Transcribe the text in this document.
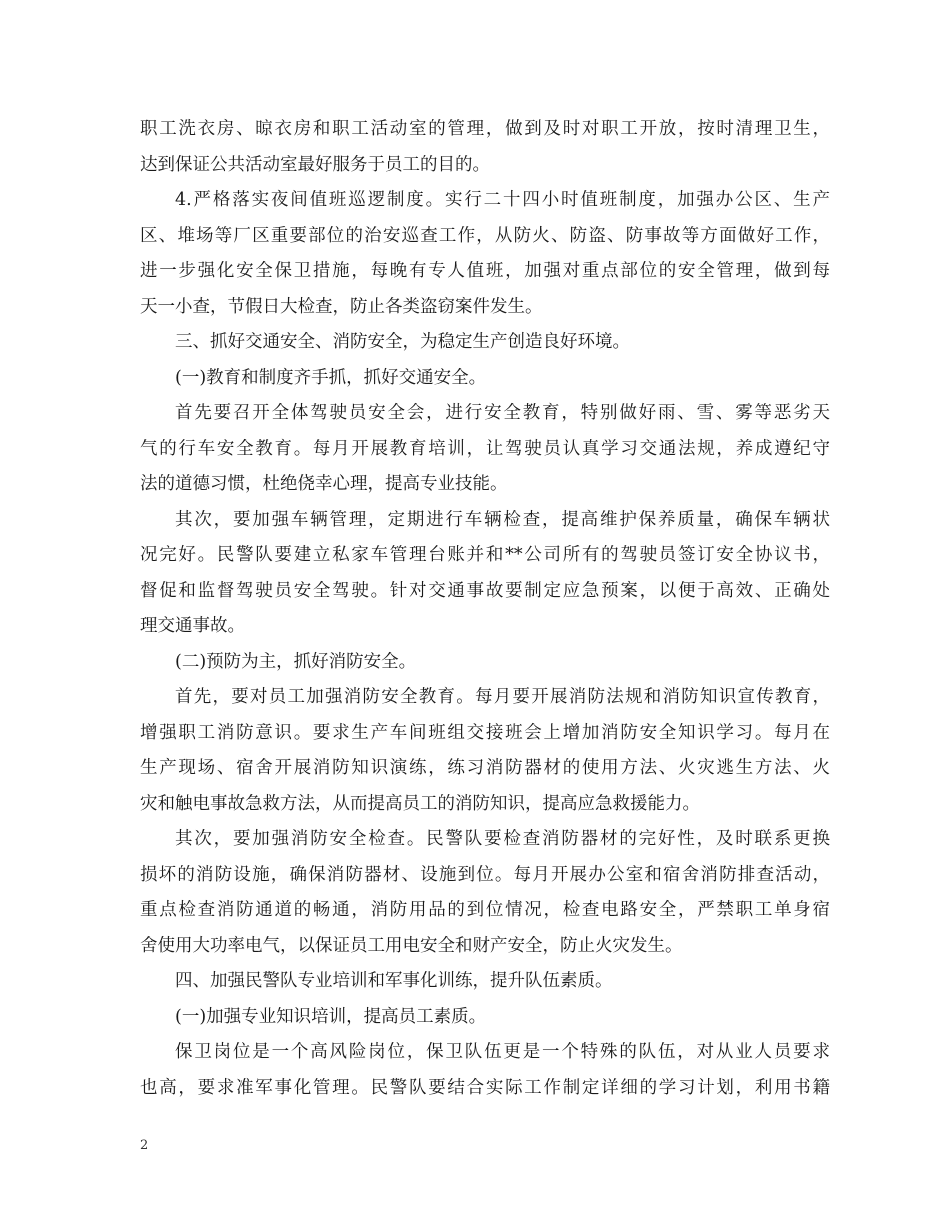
职工洗衣房、晾衣房和职工活动室的管理，做到及时对职工开放，按时清理卫生，
达到保证公共活动室最好服务于员工的目的。
4.严格落实夜间值班巡逻制度。实行二十四小时值班制度，加强办公区、生产
区、堆场等厂区重要部位的治安巡查工作，从防火、防盗、防事故等方面做好工作，
进一步强化安全保卫措施，每晚有专人值班，加强对重点部位的安全管理，做到每
天一小查，节假日大检查，防止各类盗窃案件发生。
三、抓好交通安全、消防安全，为稳定生产创造良好环境。
(一)教育和制度齐手抓，抓好交通安全。
首先要召开全体驾驶员安全会，进行安全教育，特别做好雨、雪、雾等恶劣天
气的行车安全教育。每月开展教育培训，让驾驶员认真学习交通法规，养成遵纪守
法的道德习惯，杜绝侥幸心理，提高专业技能。
其次，要加强车辆管理，定期进行车辆检查，提高维护保养质量，确保车辆状
况完好。民警队要建立私家车管理台账并和**公司所有的驾驶员签订安全协议书，
督促和监督驾驶员安全驾驶。针对交通事故要制定应急预案，以便于高效、正确处
理交通事故。
(二)预防为主，抓好消防安全。
首先，要对员工加强消防安全教育。每月要开展消防法规和消防知识宣传教育，
增强职工消防意识。要求生产车间班组交接班会上增加消防安全知识学习。每月在
生产现场、宿舍开展消防知识演练，练习消防器材的使用方法、火灾逃生方法、火
灾和触电事故急救方法，从而提高员工的消防知识，提高应急救援能力。
其次，要加强消防安全检查。民警队要检查消防器材的完好性，及时联系更换
损坏的消防设施，确保消防器材、设施到位。每月开展办公室和宿舍消防排查活动，
重点检查消防通道的畅通，消防用品的到位情况，检查电路安全，严禁职工单身宿
舍使用大功率电气，以保证员工用电安全和财产安全，防止火灾发生。
四、加强民警队专业培训和军事化训练，提升队伍素质。
(一)加强专业知识培训，提高员工素质。
保卫岗位是一个高风险岗位，保卫队伍更是一个特殊的队伍，对从业人员要求
也高，要求准军事化管理。民警队要结合实际工作制定详细的学习计划，利用书籍
2
